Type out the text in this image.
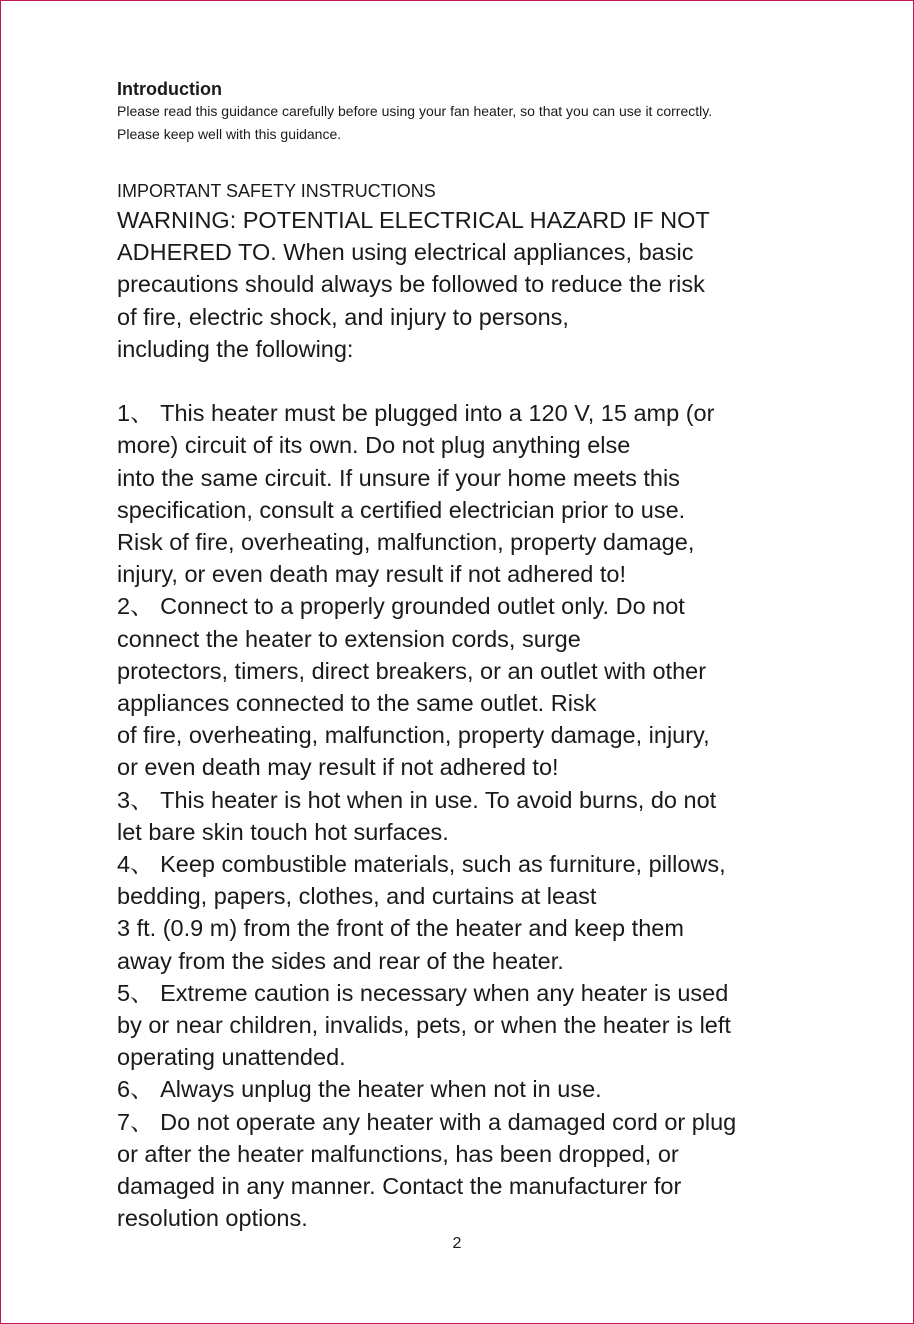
Introduction

Please read this guidance carefully before using your fan heater, so that you can use it correctly.

Please keep well with this guidance.

IMPORTANT SAFETY INSTRUCTIONS

WARNING: POTENTIAL ELECTRICAL HAZARD IF NOT

ADHERED TO. When using electrical appliances, basic

precautions should always be followed to reduce the risk

of fire, electric shock, and injury to persons,

including the following:

1、 This heater must be plugged into a 120 V, 15 amp (or

more) circuit of its own. Do not plug anything else

into the same circuit. If unsure if your home meets this

specification, consult a certified electrician prior to use.

Risk of fire, overheating, malfunction, property damage,

injury, or even death may result if not adhered to!

2、 Connect to a properly grounded outlet only. Do not

connect the heater to extension cords, surge

protectors, timers, direct breakers, or an outlet with other

appliances connected to the same outlet. Risk

of fire, overheating, malfunction, property damage, injury,

or even death may result if not adhered to!

3、 This heater is hot when in use. To avoid burns, do not

let bare skin touch hot surfaces.

4、 Keep combustible materials, such as furniture, pillows,

bedding, papers, clothes, and curtains at least

3 ft. (0.9 m) from the front of the heater and keep them

away from the sides and rear of the heater.

5、 Extreme caution is necessary when any heater is used

by or near children, invalids, pets, or when the heater is left

operating unattended.

6、 Always unplug the heater when not in use.

7、 Do not operate any heater with a damaged cord or plug

or after the heater malfunctions, has been dropped, or

damaged in any manner. Contact the manufacturer for

resolution options.

2
